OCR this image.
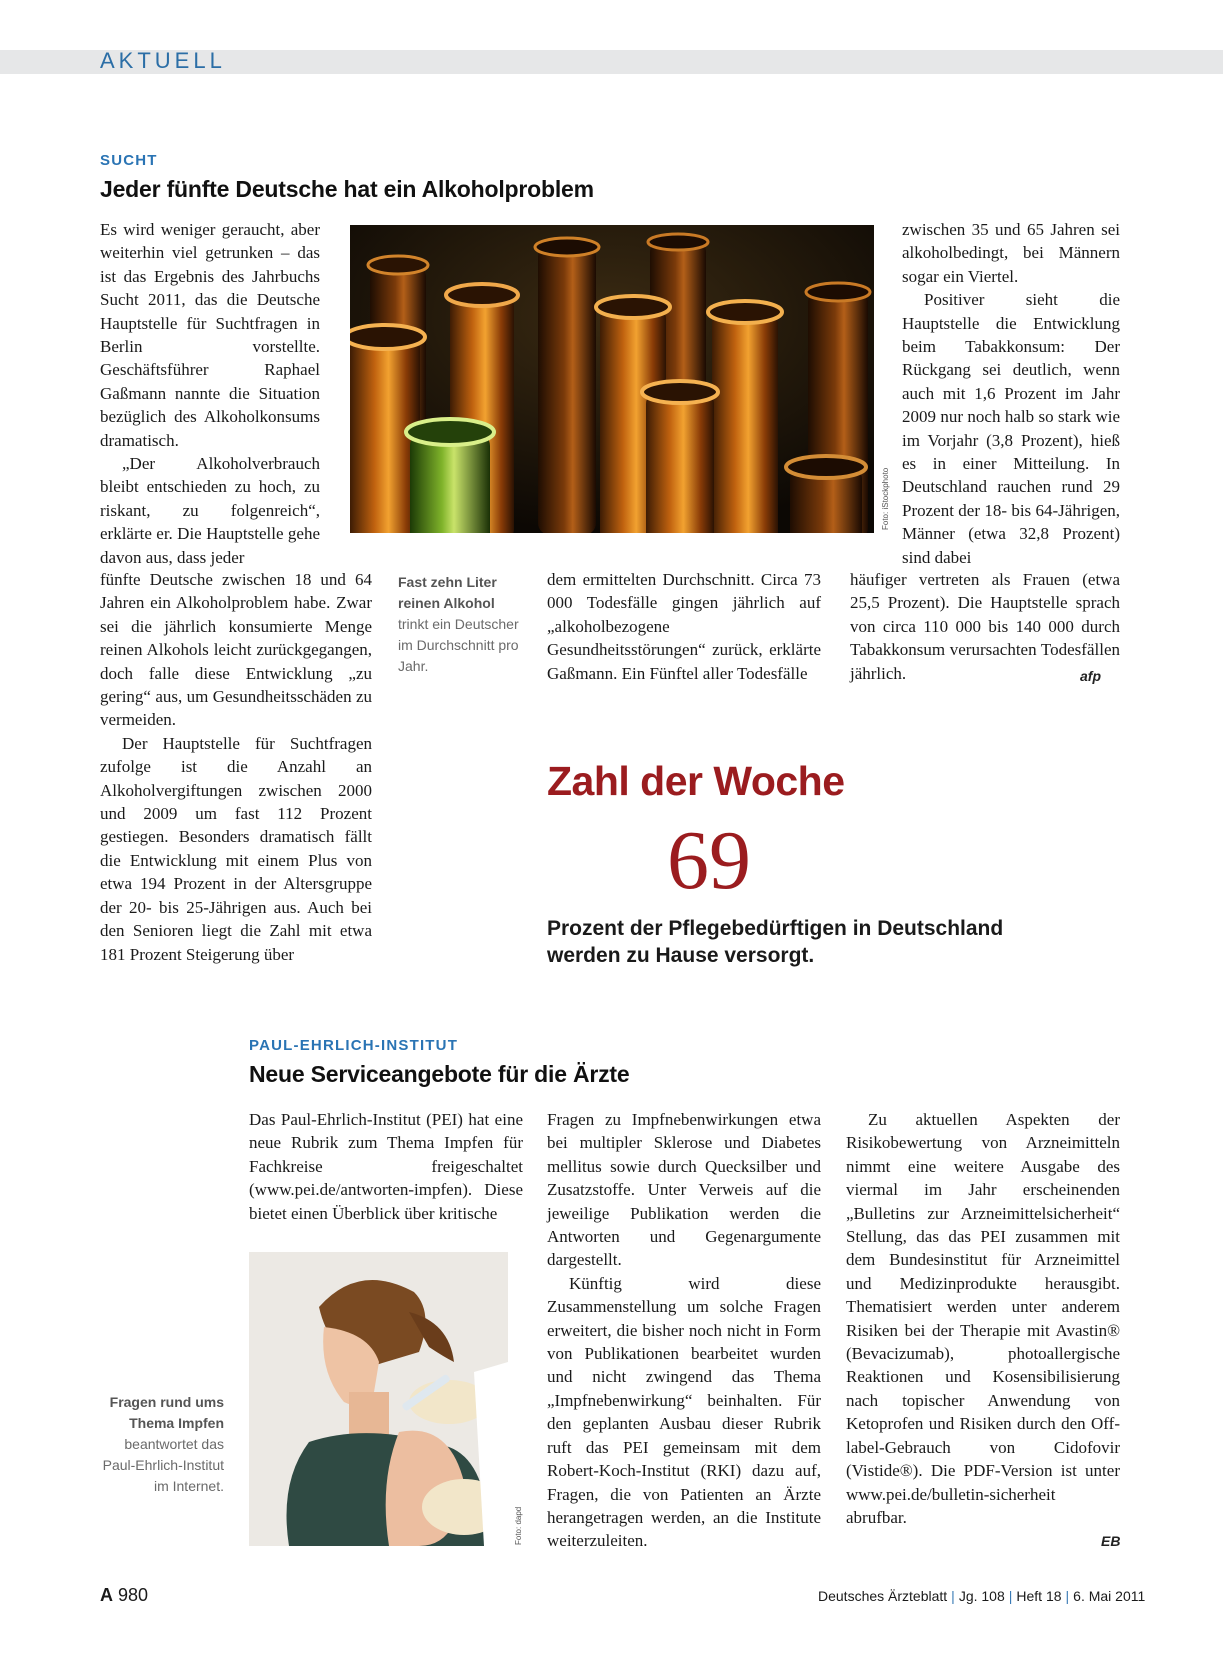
AKTUELL
SUCHT
Jeder fünfte Deutsche hat ein Alkoholproblem

Es wird weniger geraucht, aber weiterhin viel getrunken – das ist das Ergebnis des Jahrbuchs Sucht 2011, das die Deutsche Hauptstelle für Suchtfragen in Berlin vorstellte. Geschäftsführer Raphael Gaßmann nannte die Situation bezüglich des Alkoholkonsums dramatisch.

„Der Alkoholverbrauch bleibt entschieden zu hoch, zu riskant, zu folgenreich“, erklärte er. Die Hauptstelle gehe davon aus, dass jeder

fünfte Deutsche zwischen 18 und 64 Jahren ein Alkoholproblem habe. Zwar sei die jährlich konsumierte Menge reinen Alkohols leicht zurückgegangen, doch falle diese Entwicklung „zu gering“ aus, um Gesundheitsschäden zu vermeiden.

Der Hauptstelle für Suchtfragen zufolge ist die Anzahl an Alkoholvergiftungen zwischen 2000 und 2009 um fast 112 Prozent gestiegen. Besonders dramatisch fällt die Entwicklung mit einem Plus von etwa 194 Prozent in der Altersgruppe der 20- bis 25-Jährigen aus. Auch bei den Senioren liegt die Zahl mit etwa 181 Prozent Steigerung über

Foto: iStockphoto
Fast zehn Liter reinen Alkohol trinkt ein Deutscher im Durchschnitt pro Jahr.

dem ermittelten Durchschnitt. Circa 73 000 Todesfälle gingen jährlich auf „alkoholbezogene Gesundheitsstörungen“ zurück, erklärte Gaßmann. Ein Fünftel aller Todesfälle

zwischen 35 und 65 Jahren sei alkoholbedingt, bei Männern sogar ein Viertel.

Positiver sieht die Hauptstelle die Entwicklung beim Tabakkonsum: Der Rückgang sei deutlich, wenn auch mit 1,6 Prozent im Jahr 2009 nur noch halb so stark wie im Vorjahr (3,8 Prozent), hieß es in einer Mitteilung. In Deutschland rauchen rund 29 Prozent der 18- bis 64-Jährigen, Männer (etwa 32,8 Prozent) sind dabei

häufiger vertreten als Frauen (etwa 25,5 Prozent). Die Hauptstelle sprach von circa 110 000 bis 140 000 durch Tabakkonsum verursachten Todesfällen jährlich.	afp
Zahl der Woche
69
Prozent der Pflegebedürftigen in Deutschland werden zu Hause versorgt.
PAUL-EHRLICH-INSTITUT
Neue Serviceangebote für die Ärzte

Das Paul-Ehrlich-Institut (PEI) hat eine neue Rubrik zum Thema Impfen für Fachkreise freigeschaltet (www.pei.de/antworten-impfen). Diese bietet einen Überblick über kritische

Foto: dapd
Fragen rund ums Thema Impfen beantwortet das Paul-Ehrlich-Institut im Internet.

Fragen zu Impfnebenwirkungen etwa bei multipler Sklerose und Diabetes mellitus sowie durch Quecksilber und Zusatzstoffe. Unter Verweis auf die jeweilige Publikation werden die Antworten und Gegenargumente dargestellt.

Künftig wird diese Zusammenstellung um solche Fragen erweitert, die bisher noch nicht in Form von Publikationen bearbeitet wurden und nicht zwingend das Thema „Impfnebenwirkung“ beinhalten. Für den geplanten Ausbau dieser Rubrik ruft das PEI gemeinsam mit dem Robert-Koch-Institut (RKI) dazu auf, Fragen, die von Patienten an Ärzte herangetragen werden, an die Institute weiterzuleiten.

Zu aktuellen Aspekten der Risikobewertung von Arzneimitteln nimmt eine weitere Ausgabe des viermal im Jahr erscheinenden „Bulletins zur Arzneimittelsicherheit“ Stellung, das das PEI zusammen mit dem Bundesinstitut für Arzneimittel und Medizinprodukte herausgibt. Thematisiert werden unter anderem Risiken bei der Therapie mit Avastin® (Bevacizumab), photoallergische Reaktionen und Kosensibilisierung nach topischer Anwendung von Ketoprofen und Risiken durch den Off-label-Gebrauch von Cidofovir (Vistide®). Die PDF-Version ist unter www.pei.de/bulletin-sicherheit abrufbar.

EB
A 980	Deutsches Ärzteblatt | Jg. 108 | Heft 18 | 6. Mai 2011
